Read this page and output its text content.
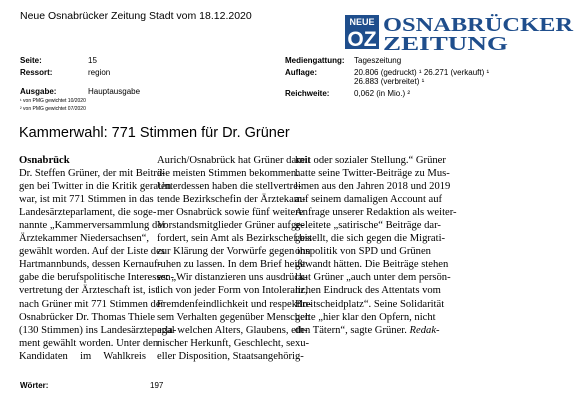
Neue Osnabrücker Zeitung Stadt vom 18.12.2020	NEUE
OZ
OSNABRÜCKER
ZEITUNG
Seite:	15
Ressort:	region
Ausgabe:	Hauptausgabe
¹ von PMG gewichtet 10/2020
² von PMG gewichtet 07/2020
Mediengattung: Tageszeitung
Auflage:	20.806 (gedruckt) ¹ 26.271 (verkauft) ¹
26.883 (verbreitet) ¹
Reichweite:	0,062 (in Mio.) ²
Kammerwahl: 771 Stimmen für Dr. Grüner
Osnabrück
Dr. Steffen Grüner, der mit Beiträ-
gen bei Twitter in die Kritik geraten
war, ist mit 771 Stimmen in das
Landesärzteparlament, die soge-
nannte „Kammerversammlung der
Ärztekammer Niedersachsen“,
gewählt worden. Auf der Liste des
Hartmannbunds, dessen Kernauf-
gabe die berufspolitische Interessen-
vertretung der Ärzteschaft ist, ist
nach Grüner mit 771 Stimmen der
Osnabrücker Dr. Thomas Thiele
(130 Stimmen) ins Landesärzteparla-
ment gewählt worden. Unter den
Kandidaten im Wahlkreis
Aurich/Osnabrück hat Grüner damit
die meisten Stimmen bekommen.
Unterdessen haben die stellvertre-
tende Bezirkschefin der Ärztekam-
mer Osnabrück sowie fünf weitere
Vorstandsmitglieder Grüner aufge-
fordert, sein Amt als Bezirkschef bis
zur Klärung der Vorwürfe gegen ihn
ruhen zu lassen. In dem Brief heißt
es: „Wir distanzieren uns ausdrück-
lich von jeder Form von Intoleranz,
Fremdenfeindlichkeit und respektlo-
sem Verhalten gegenüber Menschen
egal welchen Alters, Glaubens, eth-
nischer Herkunft, Geschlecht, sexu-
eller Disposition, Staatsangehörig-
keit oder sozialer Stellung.“ Grüner
hatte seine Twitter-Beiträge zu Mus-
limen aus den Jahren 2018 und 2019
auf seinem damaligen Account auf
Anfrage unserer Redaktion als weiter-
geleitete „satirische“ Beiträge dar-
gestellt, die sich gegen die Migrati-
onspolitik von SPD und Grünen
gewandt hätten. Die Beiträge stehen
laut Grüner „auch unter dem persön-
lichen Eindruck des Attentats vom
Breitscheidplatz“. Seine Solidarität
gelte „hier klar den Opfern, nicht
den Tätern“, sagte Grüner. Redak-
Wörter:	197
